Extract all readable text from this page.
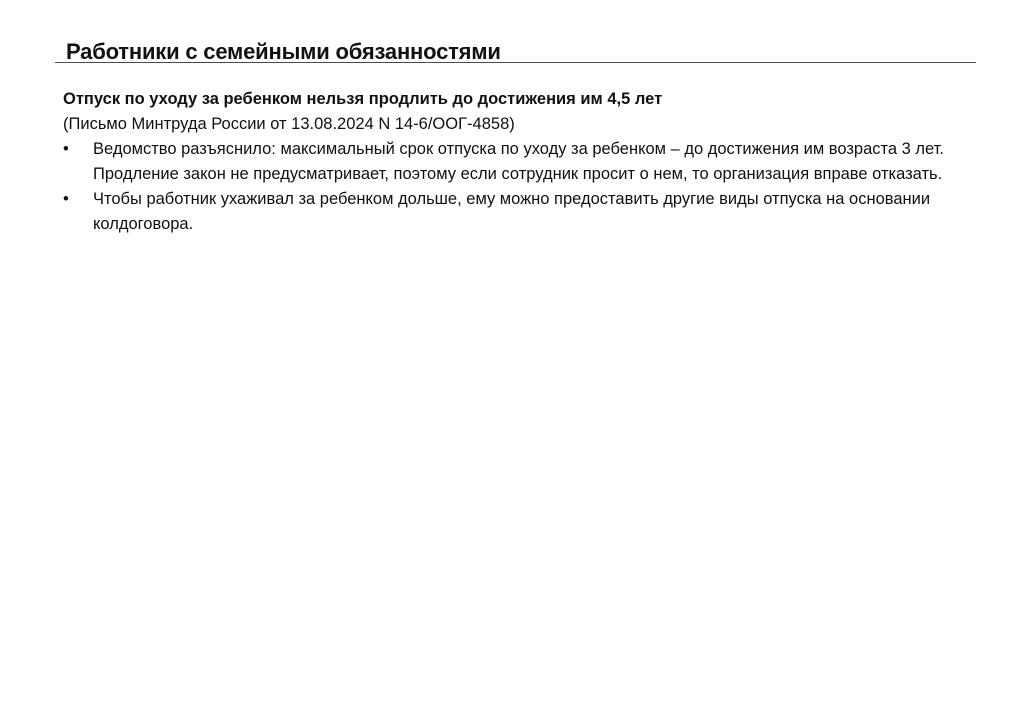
Работники с семейными обязанностями

Отпуск по уходу за ребенком нельзя продлить до достижения им 4,5 лет

(Письмо Минтруда России от 13.08.2024 N 14-6/ООГ-4858)

•	Ведомство разъяснило: максимальный срок отпуска по уходу за ребенком – до достижения им возраста 3 лет. Продление закон не предусматривает, поэтому если сотрудник просит о нем, то организация вправе отказать.
•	Чтобы работник ухаживал за ребенком дольше, ему можно предоставить другие виды отпуска на основании колдоговора.
